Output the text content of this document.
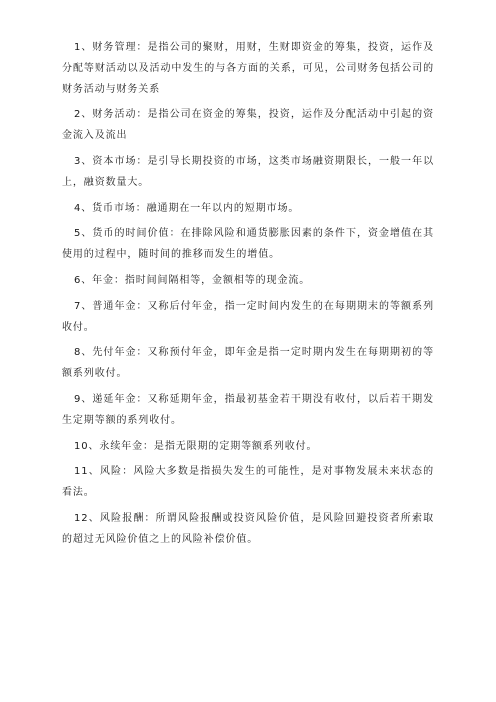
1、财务管理：是指公司的聚财，用财，生财即资金的筹集，投资，运作及分配等财活动以及活动中发生的与各方面的关系，可见，公司财务包括公司的财务活动与财务关系

2、财务活动：是指公司在资金的筹集，投资，运作及分配活动中引起的资金流入及流出

3、资本市场：是引导长期投资的市场，这类市场融资期限长，一般一年以上，融资数量大。

4、货币市场：融通期在一年以内的短期市场。

5、货币的时间价值：在排除风险和通货膨胀因素的条件下，资金增值在其使用的过程中，随时间的推移而发生的增值。

6、年金：指时间间隔相等，金额相等的现金流。

7、普通年金：又称后付年金，指一定时间内发生的在每期期末的等额系列收付。

8、先付年金：又称预付年金，即年金是指一定时期内发生在每期期初的等额系列收付。

9、递延年金：又称延期年金，指最初基金若干期没有收付，以后若干期发生定期等额的系列收付。

10、永续年金：是指无限期的定期等额系列收付。

11、风险：风险大多数是指损失发生的可能性，是对事物发展未来状态的看法。

12、风险报酬：所谓风险报酬或投资风险价值，是风险回避投资者所索取的超过无风险价值之上的风险补偿价值。
